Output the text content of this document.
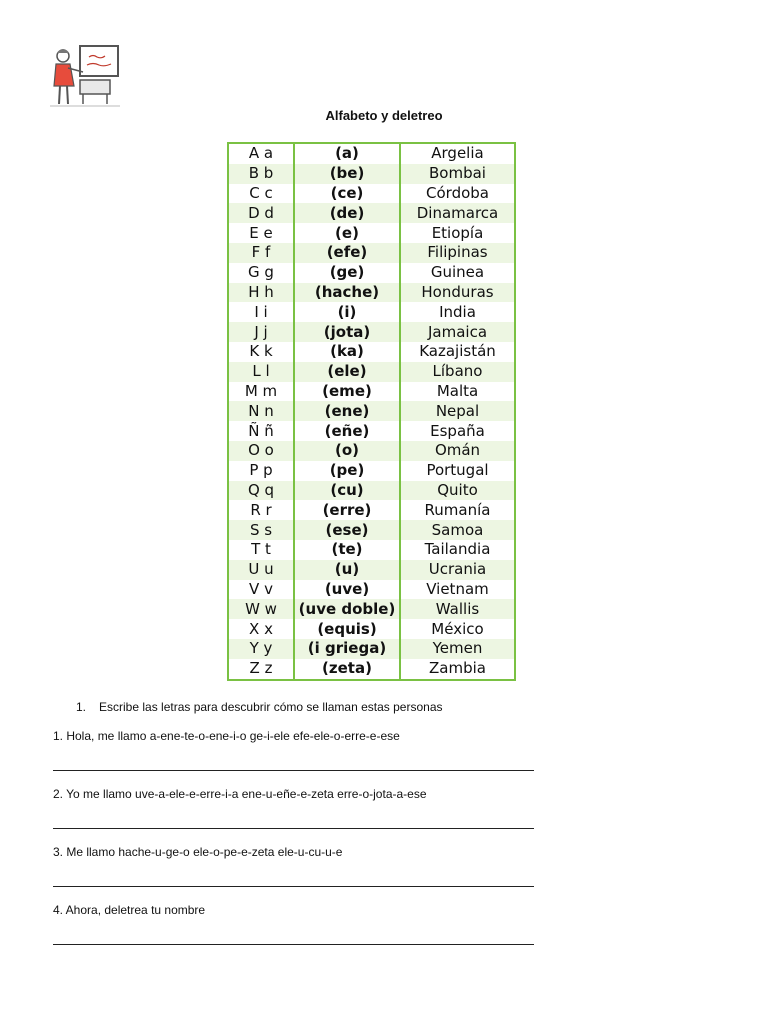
Alfabeto y deletreo
A a	(a)	Argelia
B b	(be)	Bombai
C c	(ce)	Córdoba
D d	(de)	Dinamarca
E e	(e)	Etiopía
F f	(efe)	Filipinas
G g	(ge)	Guinea
H h	(hache)	Honduras
I i	(i)	India
J j	(jota)	Jamaica
K k	(ka)	Kazajistán
L l	(ele)	Líbano
M m	(eme)	Malta
N n	(ene)	Nepal
Ñ ñ	(eñe)	España
O o	(o)	Omán
P p	(pe)	Portugal
Q q	(cu)	Quito
R r	(erre)	Rumanía
S s	(ese)	Samoa
T t	(te)	Tailandia
U u	(u)	Ucrania
V v	(uve)	Vietnam
W w	(uve doble)	Wallis
X x	(equis)	México
Y y	(i griega)	Yemen
Z z	(zeta)	Zambia
1. Escribe las letras para descubrir cómo se llaman estas personas
1. Hola, me llamo a-ene-te-o-ene-i-o ge-i-ele efe-ele-o-erre-e-ese
2. Yo me llamo uve-a-ele-e-erre-i-a ene-u-eñe-e-zeta erre-o-jota-a-ese
3. Me llamo hache-u-ge-o ele-o-pe-e-zeta ele-u-cu-u-e
4. Ahora, deletrea tu nombre
